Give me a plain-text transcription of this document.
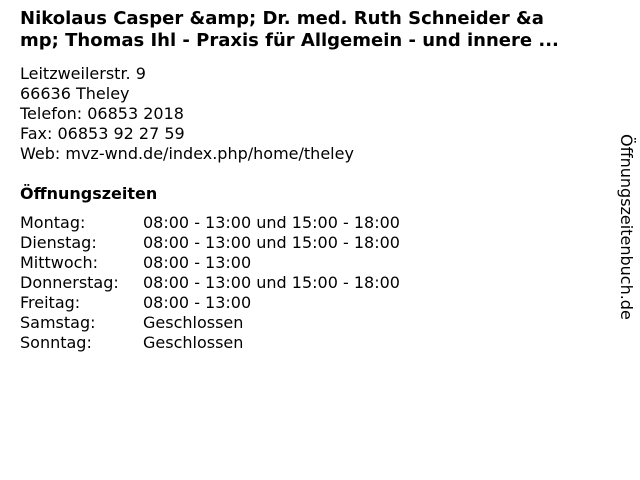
Nikolaus Casper &amp; Dr. med. Ruth Schneider &a
mp; Thomas Ihl - Praxis für Allgemein - und innere ...
Leitzweilerstr. 9
66636 Theley
Telefon: 06853 2018
Fax: 06853 92 27 59
Web: mvz-wnd.de/index.php/home/theley
Öffnungszeiten
Montag:	08:00 - 13:00 und 15:00 - 18:00
Dienstag:	08:00 - 13:00 und 15:00 - 18:00
Mittwoch:	08:00 - 13:00
Donnerstag:	08:00 - 13:00 und 15:00 - 18:00
Freitag:	08:00 - 13:00
Samstag:	Geschlossen
Sonntag:	Geschlossen
Öffnungszeitenbuch.de
